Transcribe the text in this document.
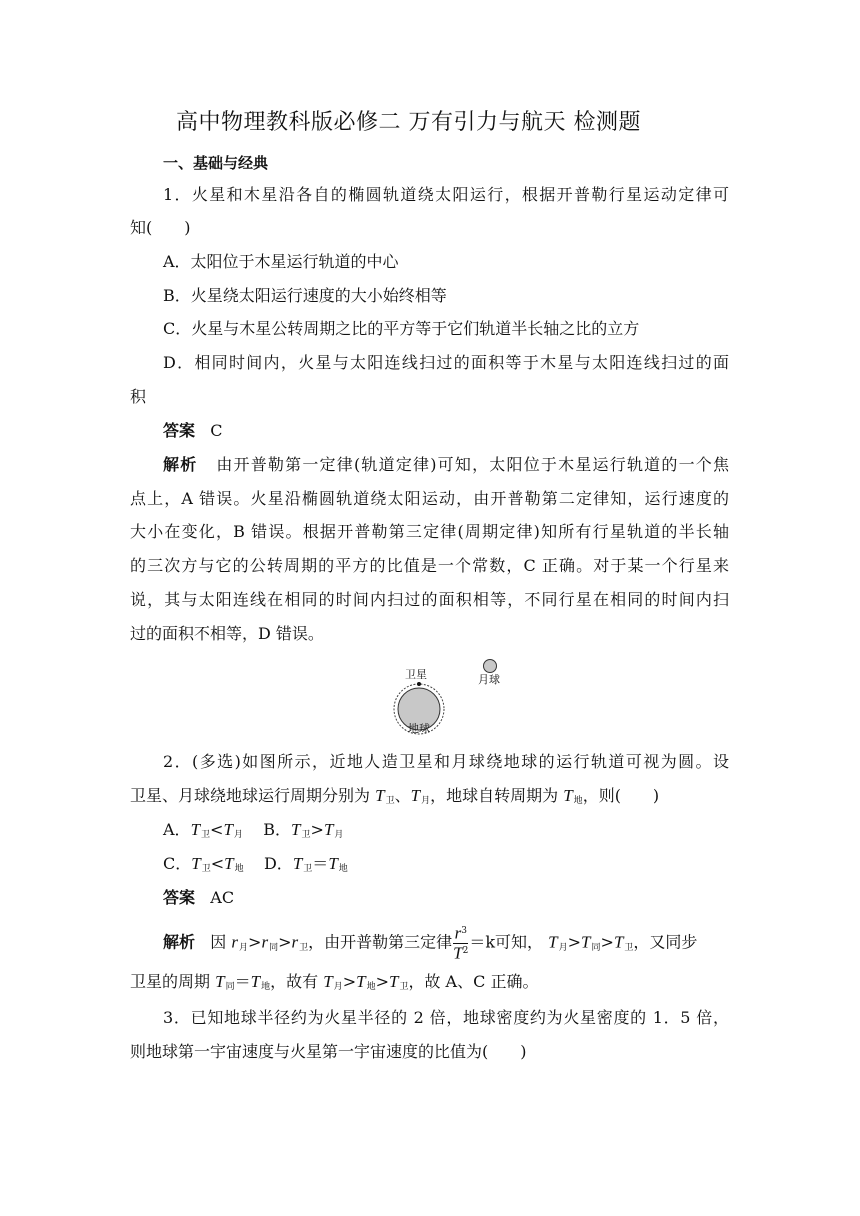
高中物理教科版必修二 万有引力与航天 检测题
一、基础与经典
1．火星和木星沿各自的椭圆轨道绕太阳运行，根据开普勒行星运动定律可
知(　　)
A．太阳位于木星运行轨道的中心
B．火星绕太阳运行速度的大小始终相等
C．火星与木星公转周期之比的平方等于它们轨道半长轴之比的立方
D．相同时间内，火星与太阳连线扫过的面积等于木星与太阳连线扫过的面
积
答案 C
解析 由开普勒第一定律(轨道定律)可知，太阳位于木星运行轨道的一个焦
点上，A 错误。火星沿椭圆轨道绕太阳运动，由开普勒第二定律知，运行速度的
大小在变化，B 错误。根据开普勒第三定律(周期定律)知所有行星轨道的半长轴
的三次方与它的公转周期的平方的比值是一个常数，C 正确。对于某一个行星来
说，其与太阳连线在相同的时间内扫过的面积相等，不同行星在相同的时间内扫
过的面积不相等，D 错误。
卫星	月球
地球
2．(多选)如图所示，近地人造卫星和月球绕地球的运行轨道可视为圆。设
卫星、月球绕地球运行周期分别为 $T_卫$、$T_月$，地球自转周期为 $T_地$，则(　　)
A．$T_卫<T_月$ B．$T_卫>T_月$
C．$T_卫<T_地$ D．$T_卫=T_地$
答案 AC
解析 因 $r_月>r_同>r_卫$，由开普勒第三定律 $\frac{r^3}{T^2} =k$可知， $T_月>T_同>T_卫$，又同步
卫星的周期 $T_同=T_地$，故有 $T_月>T_地>T_卫$，故 A、C 正确。
3．已知地球半径约为火星半径的 2 倍，地球密度约为火星密度的 1．5 倍，
则地球第一宇宙速度与火星第一宇宙速度的比值为(　　)
